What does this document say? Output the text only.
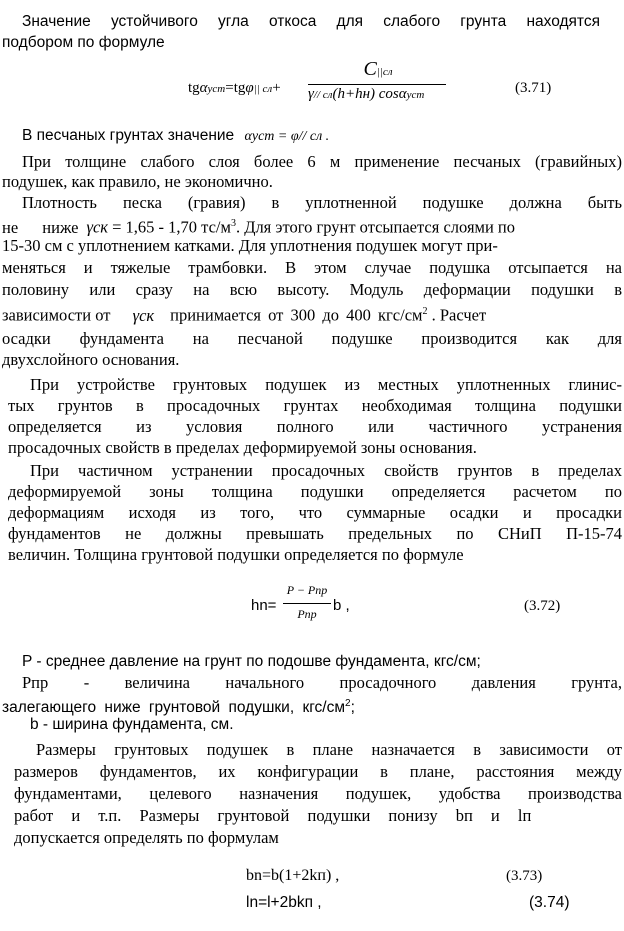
Значение устойчивого угла откоса для слабого грунта находятся
подбором по формуле
tgαуст=tgφ|| сл+
C||сл
γ// сл(h+hн) cosαуст	(3.71)
В песчаных грунтах значение αуст = φ// сл .
При толщине слабого слоя более 6 м применение песчаных (гравийных)
подушек, как правило, не экономично.
Плотность песка (гравия) в уплотненной подушке должна быть
не ниже γск = 1,65 - 1,70 $тс/м^3$. Для этого грунт отсыпается слоями по
15-30 см с уплотнением катками. Для уплотнения подушек могут при-
меняться и тяжелые трамбовки. В этом случае подушка отсыпается на
половину или сразу на всю высоту. Модуль деформации подушки в
зависимости от γск принимается от 300 до 400 кгс/$см^2$ . Расчет
осадки фундамента на песчаной подушке производится как для
двухслойного основания.
При устройстве грунтовых подушек из местных уплотненных глинис-
тых грунтов в просадочных грунтах необходимая толщина подушки
определяется из условия полного или частичного устранения
просадочных свойств в пределах деформируемой зоны основания.
При частичном устранении просадочных свойств грунтов в пределах
деформируемой зоны толщина подушки определяется расчетом по
деформациям исходя из того, что суммарные осадки и просадки
фундаментов не должны превышать предельных по СНиП П-15-74
величин. Толщина грунтовой подушки определяется по формуле
hn=
P − Pпр
Pпр	b ,	(3.72)
P - среднее давление на грунт по подошве фундамента, кгс/см;
Pпр - величина начального просадочного давления грунта,
залегающего ниже грунтовой подушки, кгс/$см^2$;
b - ширина фундамента, см.
Размеры грунтовых подушек в плане назначается в зависимости от
размеров фундаментов, их конфигурации в плане, расстояния между
фундаментами, целевого назначения подушек, удобства производства
работ и т.п. Размеры грунтовой подушки понизу bп и lп
допускается определять по формулам
bn=b(1+2kп) ,	(3.73)
ln=l+2bkп ,	(3.74)
